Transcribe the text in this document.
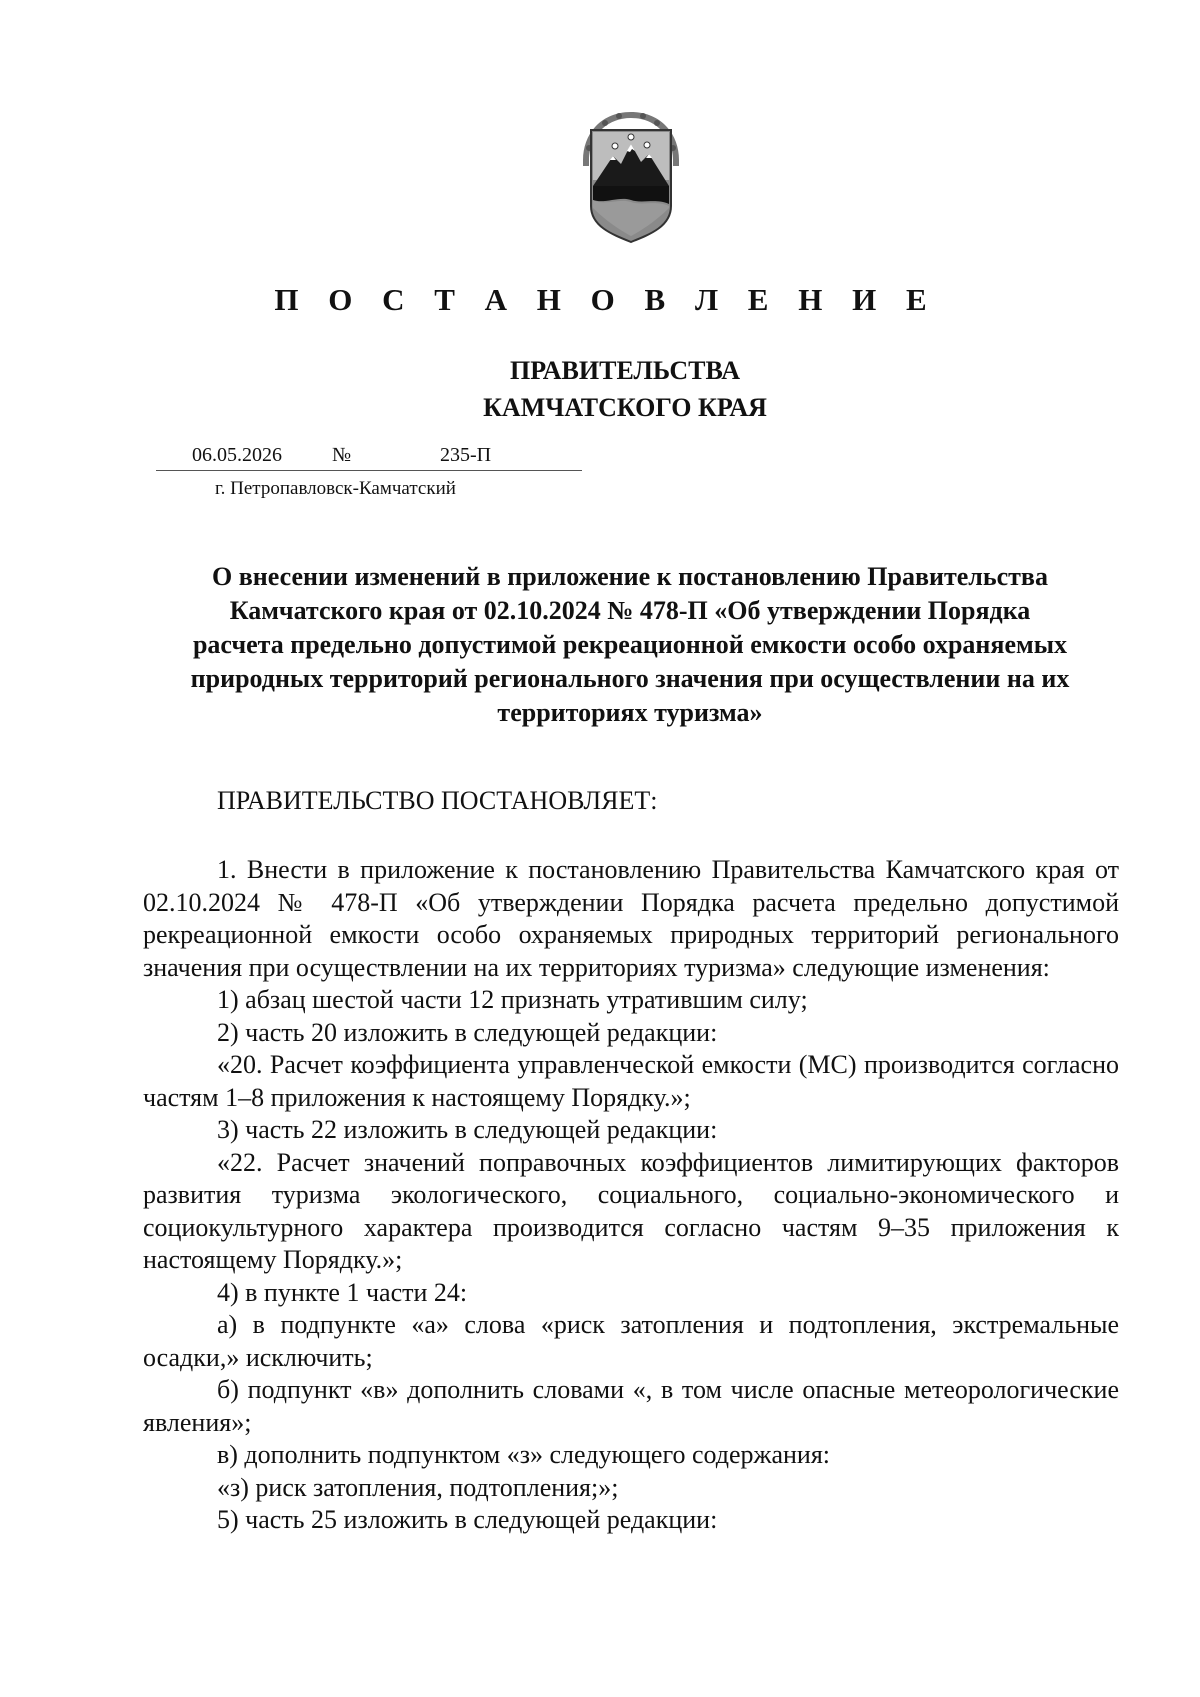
П О С Т А Н О В Л Е Н И Е
ПРАВИТЕЛЬСТВА
КАМЧАТСКОГО КРАЯ
06.05.2026	№	235-П
г. Петропавловск-Камчатский
О внесении изменений в приложение к постановлению Правительства
Камчатского края от 02.10.2024 № 478-П «Об утверждении Порядка
расчета предельно допустимой рекреационной емкости особо охраняемых
природных территорий регионального значения при осуществлении на их
территориях туризма»
ПРАВИТЕЛЬСТВО ПОСТАНОВЛЯЕТ:

1. Внести в приложение к постановлению Правительства Камчатского края от 02.10.2024 № 478-П «Об утверждении Порядка расчета предельно допустимой рекреационной емкости особо охраняемых природных территорий регионального значения при осуществлении на их территориях туризма» следующие изменения:

1) абзац шестой части 12 признать утратившим силу;

2) часть 20 изложить в следующей редакции:

«20. Расчет коэффициента управленческой емкости (MC) производится согласно частям 1–8 приложения к настоящему Порядку.»;

3) часть 22 изложить в следующей редакции:

«22. Расчет значений поправочных коэффициентов лимитирующих факторов развития туризма экологического, социального, социально-экономического и социокультурного характера производится согласно частям 9–35 приложения к настоящему Порядку.»;

4) в пункте 1 части 24:

а) в подпункте «а» слова «риск затопления и подтопления, экстремальные осадки,» исключить;

б) подпункт «в» дополнить словами «, в том числе опасные метеорологические явления»;

в) дополнить подпунктом «з» следующего содержания:

«з) риск затопления, подтопления;»;

5) часть 25 изложить в следующей редакции:
